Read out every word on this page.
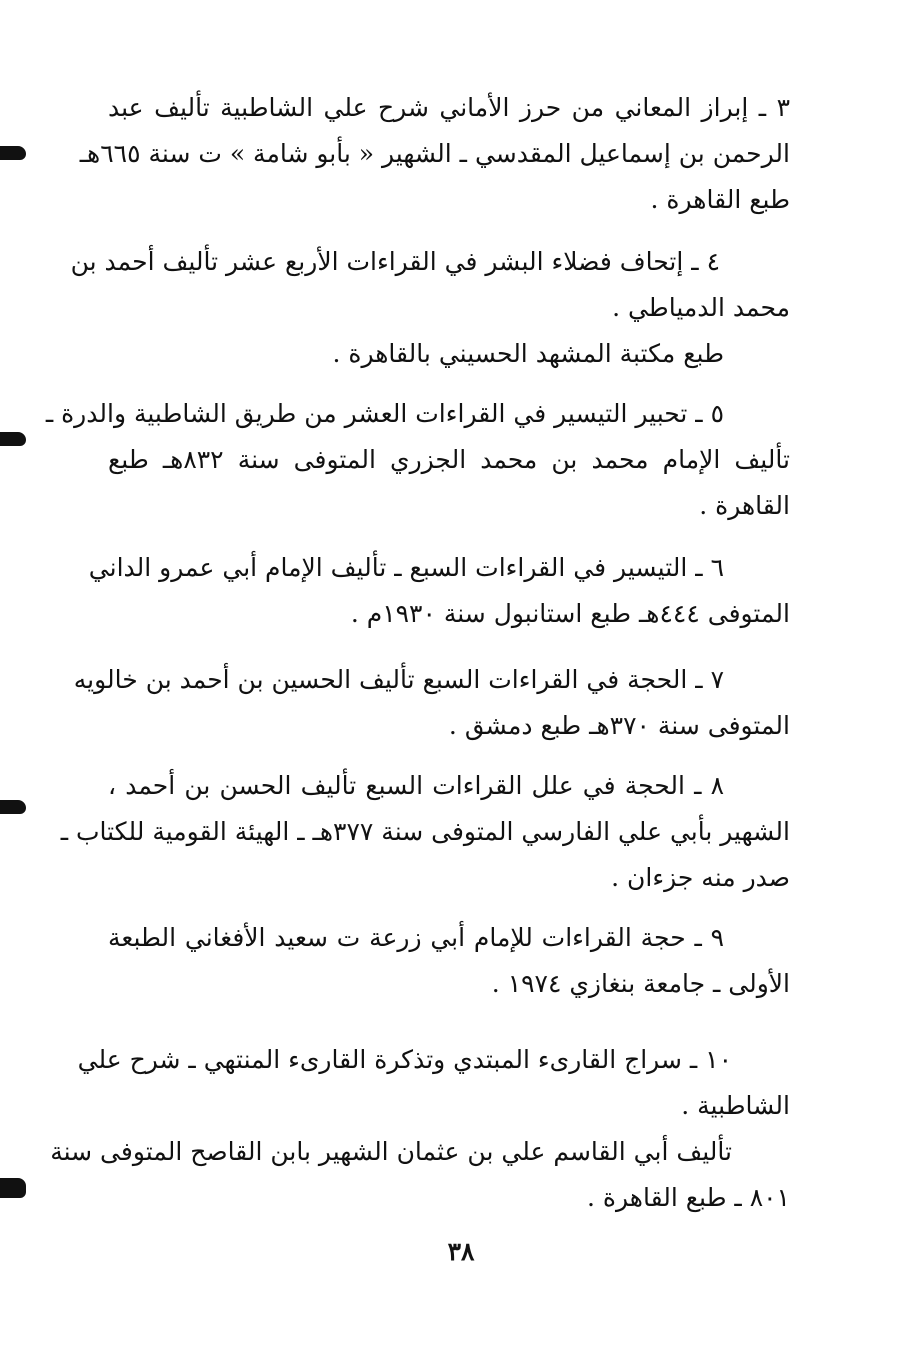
٣ ـ إبراز المعاني من حرز الأماني شرح علي الشاطبية تأليف عبد
الرحمن بن إسماعيل المقدسي ـ الشهير « بأبو شامة » ت سنة ٦٦٥هـ
طبع القاهرة .
٤ ـ إتحاف فضلاء البشر في القراءات الأربع عشر تأليف أحمد بن
محمد الدمياطي .
طبع مكتبة المشهد الحسيني بالقاهرة .
٥ ـ تحبير التيسير في القراءات العشر من طريق الشاطبية والدرة ـ
تأليف الإمام محمد بن محمد الجزري المتوفى سنة ٨٣٢هـ طبع
القاهرة .
٦ ـ التيسير في القراءات السبع ـ تأليف الإمام أبي عمرو الداني
المتوفى ٤٤٤هـ طبع استانبول سنة ١٩٣٠م .
٧ ـ الحجة في القراءات السبع تأليف الحسين بن أحمد بن خالويه
المتوفى سنة ٣٧٠هـ طبع دمشق .
٨ ـ الحجة في علل القراءات السبع تأليف الحسن بن أحمد ،
الشهير بأبي علي الفارسي المتوفى سنة ٣٧٧هـ ـ الهيئة القومية للكتاب ـ
صدر منه جزءان .
٩ ـ حجة القراءات للإمام أبي زرعة ت سعيد الأفغاني الطبعة
الأولى ـ جامعة بنغازي ١٩٧٤ .
١٠ ـ سراج القارىء المبتدي وتذكرة القارىء المنتهي ـ شرح علي
الشاطبية .
تأليف أبي القاسم علي بن عثمان الشهير بابن القاصح المتوفى سنة
٨٠١ ـ طبع القاهرة .
٣٨
